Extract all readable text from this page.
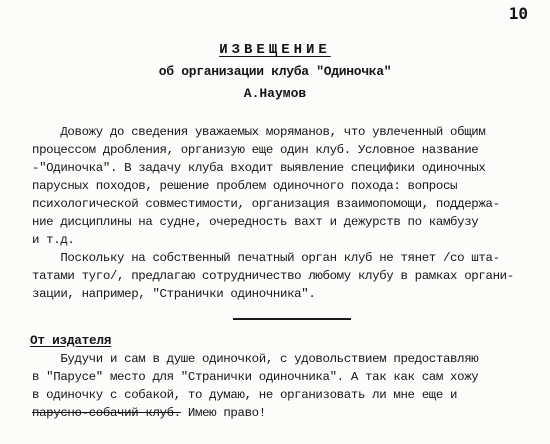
10
ИЗВЕЩЕНИЕ
об организации клуба "Одиночка"
А.Наумов
Довожу до сведения уважаемых моряманов, что увлеченный общим
процессом дробления, организую еще один клуб. Условное название
-"Одиночка". В задачу клуба входит выявление специфики одиночных
парусных походов, решение проблем одиночного похода: вопросы
психологической совместимости, организация взаимопомощи, поддержа-
ние дисциплины на судне, очередность вахт и дежурств по камбузу
и т.д.
Поскольку на собственный печатный орган клуб не тянет /со шта-
татами туго/, предлагаю сотрудничество любому клубу в рамках органи-
зации, например, "Странички одиночника".
От издателя
Будучи и сам в душе одиночкой, с удовольствием предоставляю
в "Парусе" место для "Странички одиночника". А так как сам хожу
в одиночку с собакой, то думаю, не организовать ли мне еще и
парусно-собачий клуб. Имею право!
